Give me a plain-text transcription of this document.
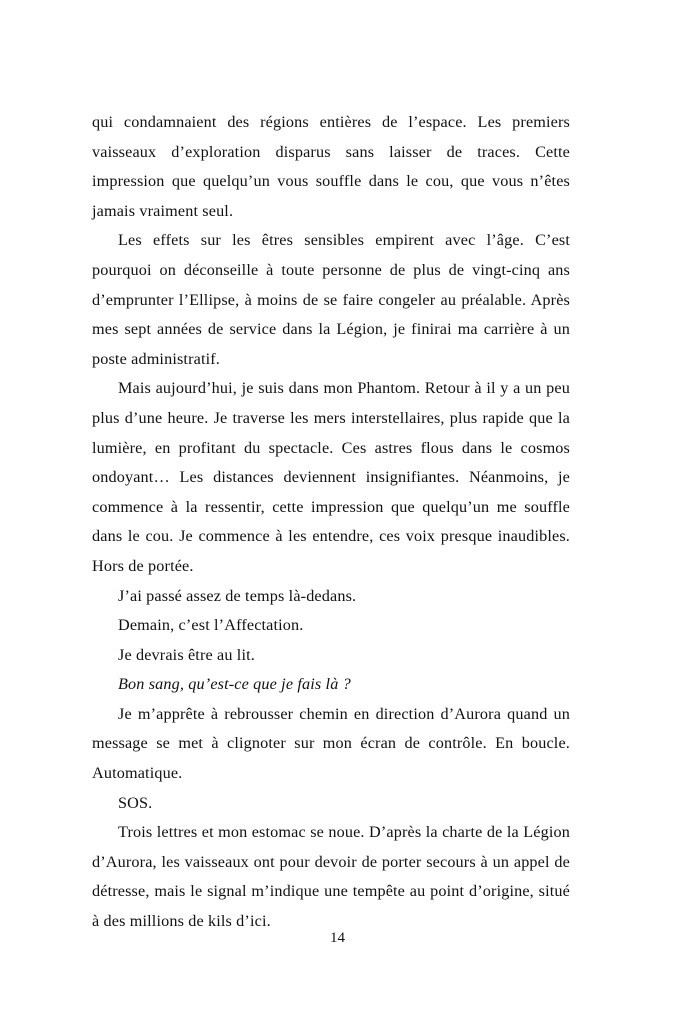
qui condamnaient des régions entières de l’espace. Les premiers vaisseaux d’exploration disparus sans laisser de traces. Cette impression que quelqu’un vous souffle dans le cou, que vous n’êtes jamais vraiment seul.

Les effets sur les êtres sensibles empirent avec l’âge. C’est pourquoi on déconseille à toute personne de plus de vingt-cinq ans d’emprunter l’Ellipse, à moins de se faire congeler au préalable. Après mes sept années de service dans la Légion, je finirai ma carrière à un poste administratif.

Mais aujourd’hui, je suis dans mon Phantom. Retour à il y a un peu plus d’une heure. Je traverse les mers interstellaires, plus rapide que la lumière, en profitant du spectacle. Ces astres flous dans le cosmos ondoyant… Les distances deviennent insignifiantes. Néanmoins, je commence à la ressentir, cette impression que quelqu’un me souffle dans le cou. Je commence à les entendre, ces voix presque inaudibles. Hors de portée.

J’ai passé assez de temps là-dedans.

Demain, c’est l’Affectation.

Je devrais être au lit.

Bon sang, qu’est-ce que je fais là ?

Je m’apprête à rebrousser chemin en direction d’Aurora quand un message se met à clignoter sur mon écran de contrôle. En boucle. Automatique.

SOS.

Trois lettres et mon estomac se noue. D’après la charte de la Légion d’Aurora, les vaisseaux ont pour devoir de porter secours à un appel de détresse, mais le signal m’indique une tempête au point d’origine, situé à des millions de kils d’ici.

14
